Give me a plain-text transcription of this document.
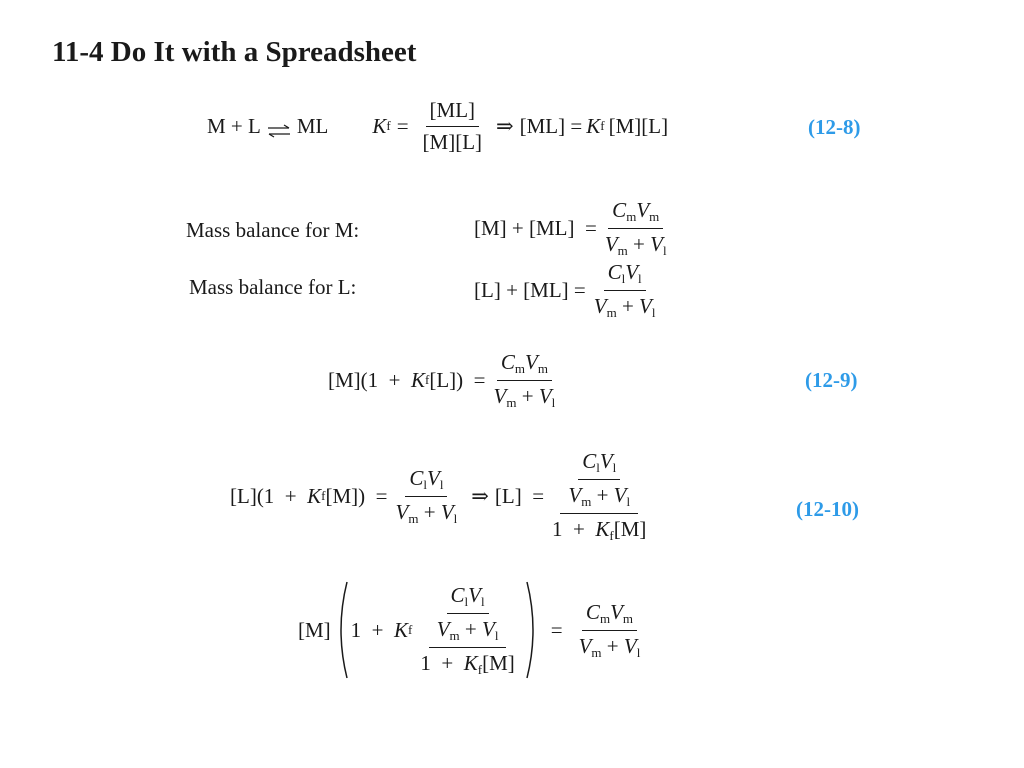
11-4 Do It with a Spreadsheet
M + L ⇌ ML K $f = \frac{[ML]}{[M][L]}$ ⇒ [ML] = K f [M][L]	(12-8)
Mass balance for M:	$[M] + [ML] = \frac{C_mV_m}{V_m + V_l}$
Mass balance for L:	$[L] + [ML] = \frac{C_lV_l}{V_m + V_l}$
[M](1  + K f $[L]) = \frac{C_mV_m}{V_m + V_l}$	(12-9)
[L](1  + K f $[M]) = \frac{C_lV_l}{V_m + V_l}$ ⇒ $[L] = \frac{\frac{C_lV_l}{V_m + V_l}}{1 + K_f[M]}$	(12-10)
[M] 1  + K f $\frac{\frac{C_lV_l}{V_m + V_l}}{1 + K_f[M]} = \frac{C_mV_m}{V_m + V_l}$
